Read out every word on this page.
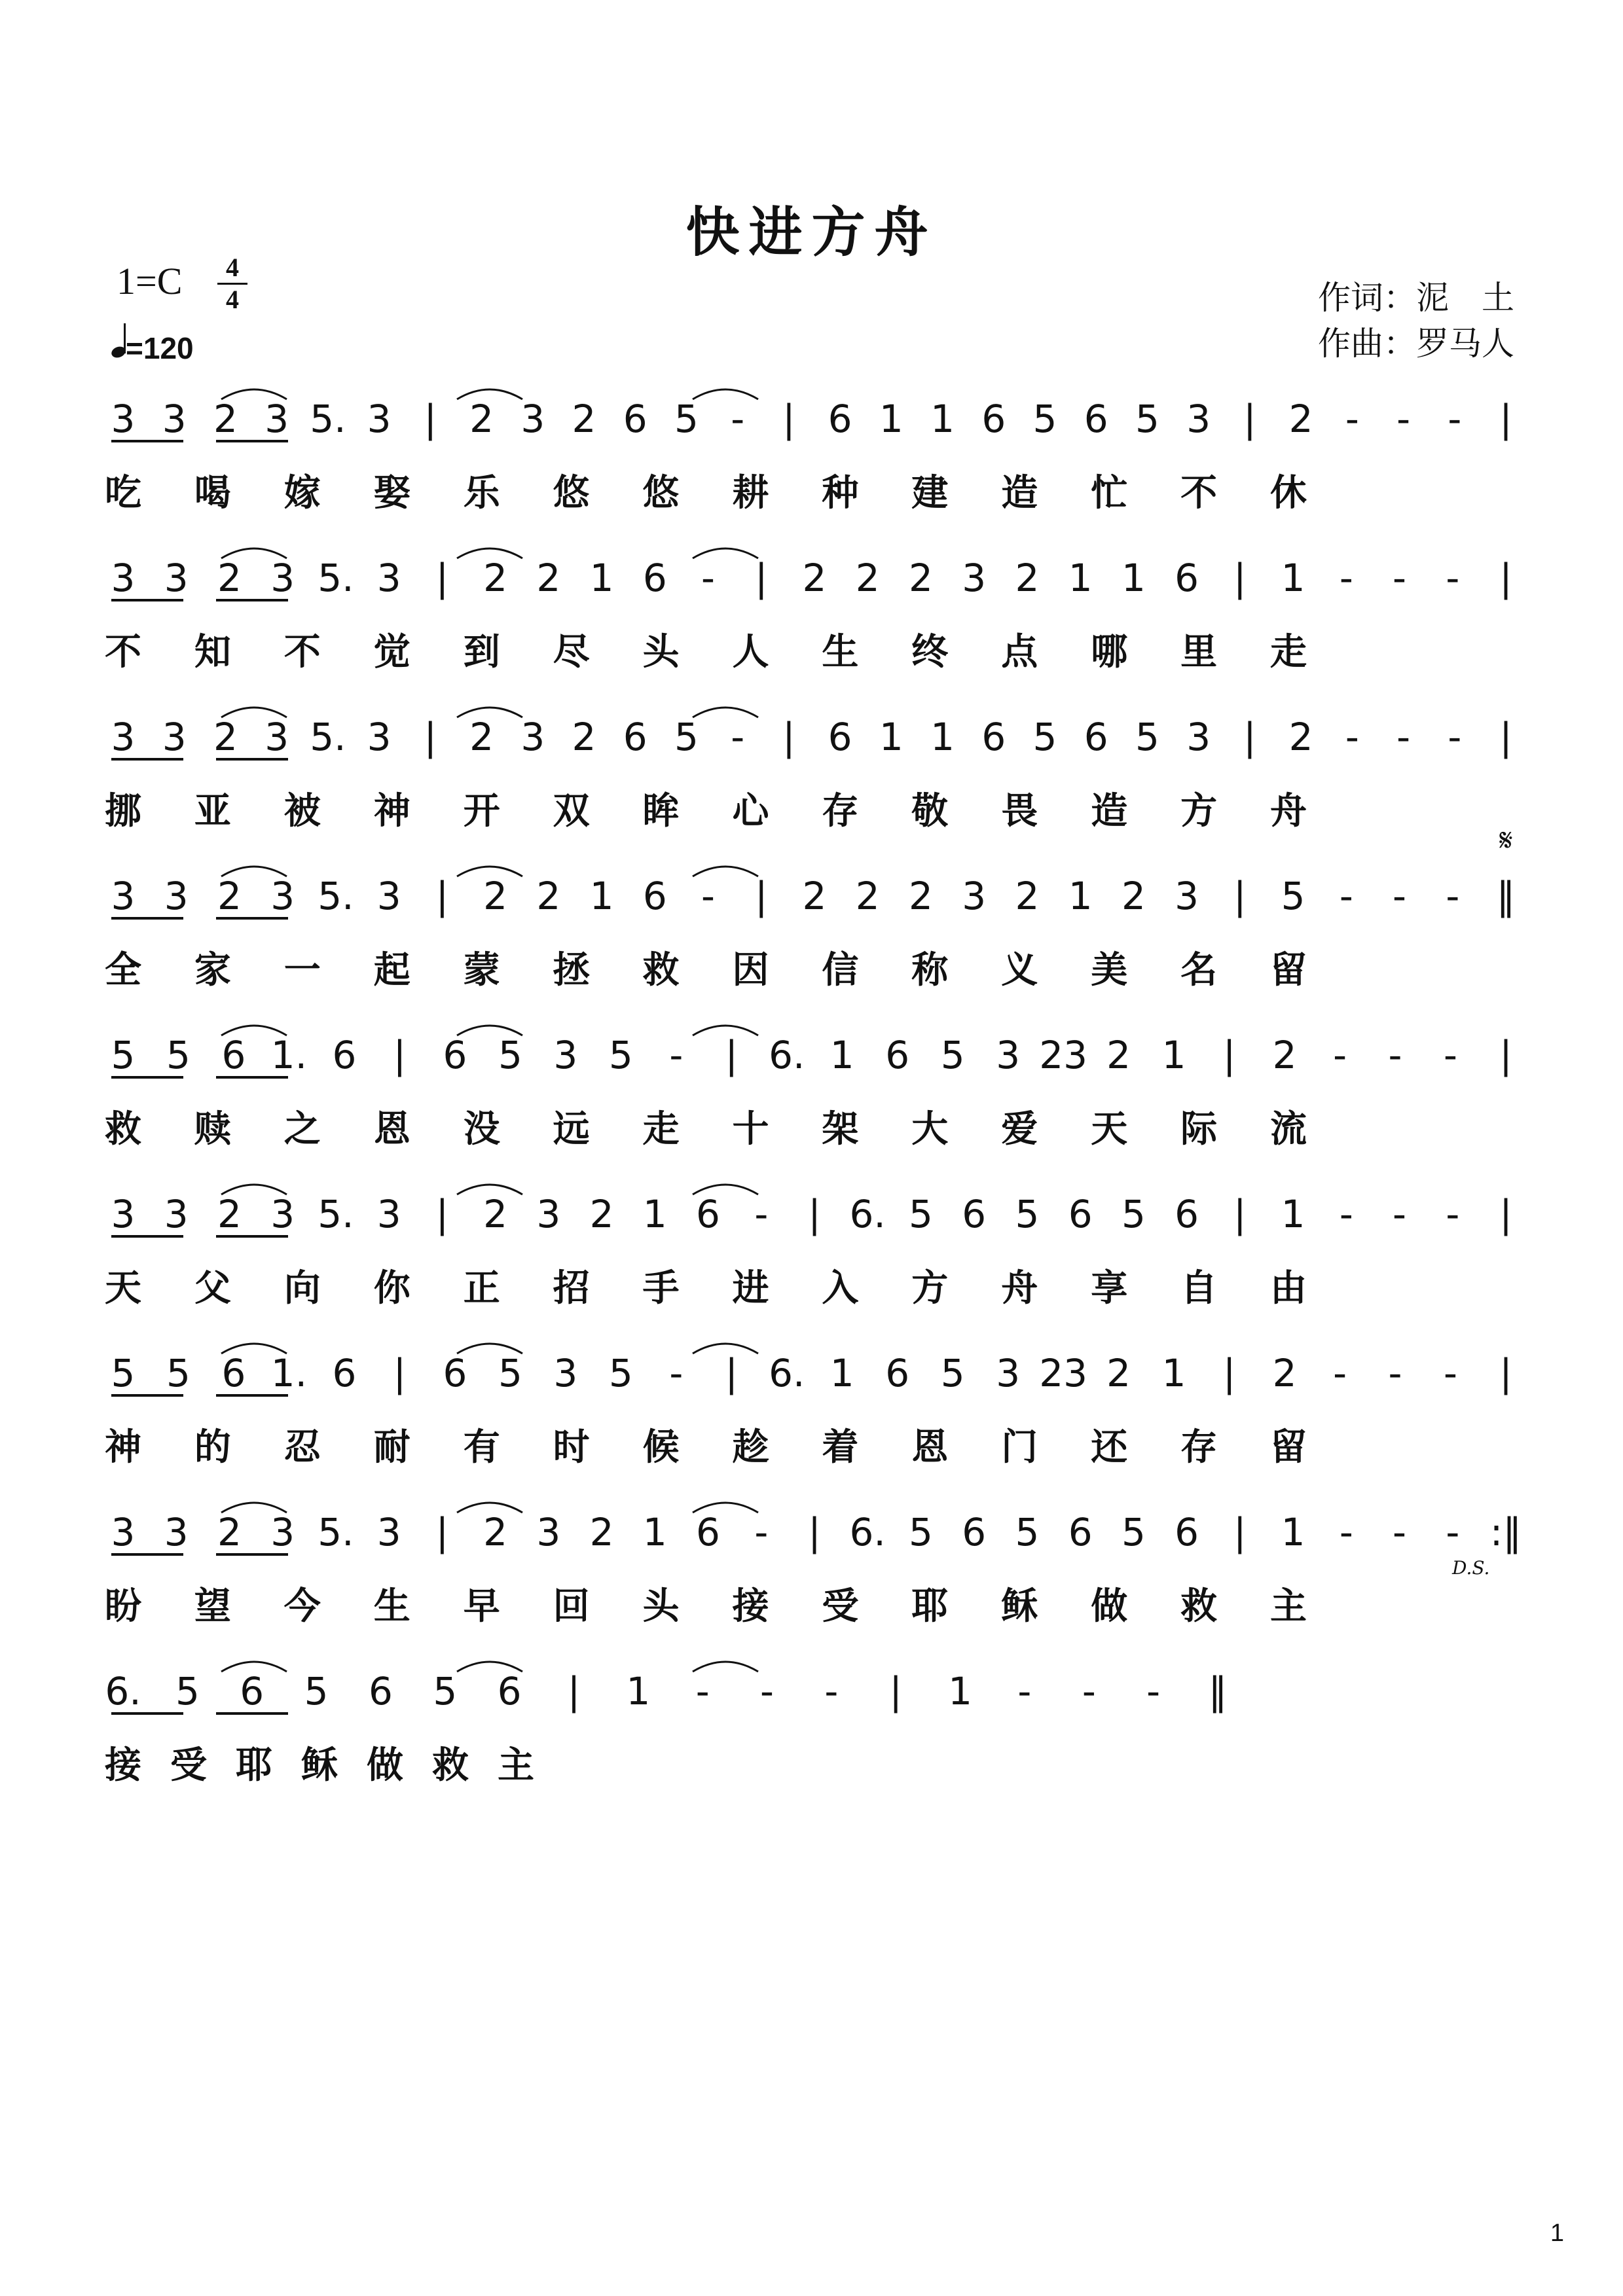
快进方舟
1=C	4
4
=120
作词：泥　土
作曲：罗马人
3 3 2 3 5. 3 | 2 3 2 6 5 - | 6 1 1 6 5 6 5 3 | 2 - - - |
吃 喝 嫁 娶 乐 悠 悠 耕 种 建 造 忙 不 休
3 3 2 3 5. 3 | 2 2 1 6 - | 2 2 2 3 2 1 1 6 | 1 - - - |
不 知 不 觉 到 尽 头 人 生 终 点 哪 里 走
3 3 2 3 5. 3 | 2 3 2 6 5 - | 6 1 1 6 5 6 5 3 | 2 - - - |
挪 亚 被 神 开 双 眸 心 存 敬 畏 造 方 舟
3 3 2 3 5. 3 | 2 2 1 6 - | 2 2 2 3 2 1 2 3 | 5 - - - ‖
全 家 一 起 蒙 拯 救 因 信 称 义 美 名 留
5 5 6 1. 6 | 6 5 3 5 - | 6. 1 6 5 3 23 2 1 | 2 - - - |
救 赎 之 恩 没 远 走 十 架 大 爱 天 际 流
3 3 2 3 5. 3 | 2 3 2 1 6 - | 6. 5 6 5 6 5 6 | 1 - - - |
天 父 向 你 正 招 手 进 入 方 舟 享 自 由
5 5 6 1. 6 | 6 5 3 5 - | 6. 1 6 5 3 23 2 1 | 2 - - - |
神 的 忍 耐 有 时 候 趁 着 恩 门 还 存 留
3 3 2 3 5. 3 | 2 3 2 1 6 - | 6. 5 6 5 6 5 6 | 1 - - - :‖
盼 望 今 生 早 回 头 接 受 耶 稣 做 救 主
6. 5 6 5 6 5 6 | 1 - - - | 1 - - - ‖
接 受 耶 稣 做 救 主
𝄋
D.S.
1
